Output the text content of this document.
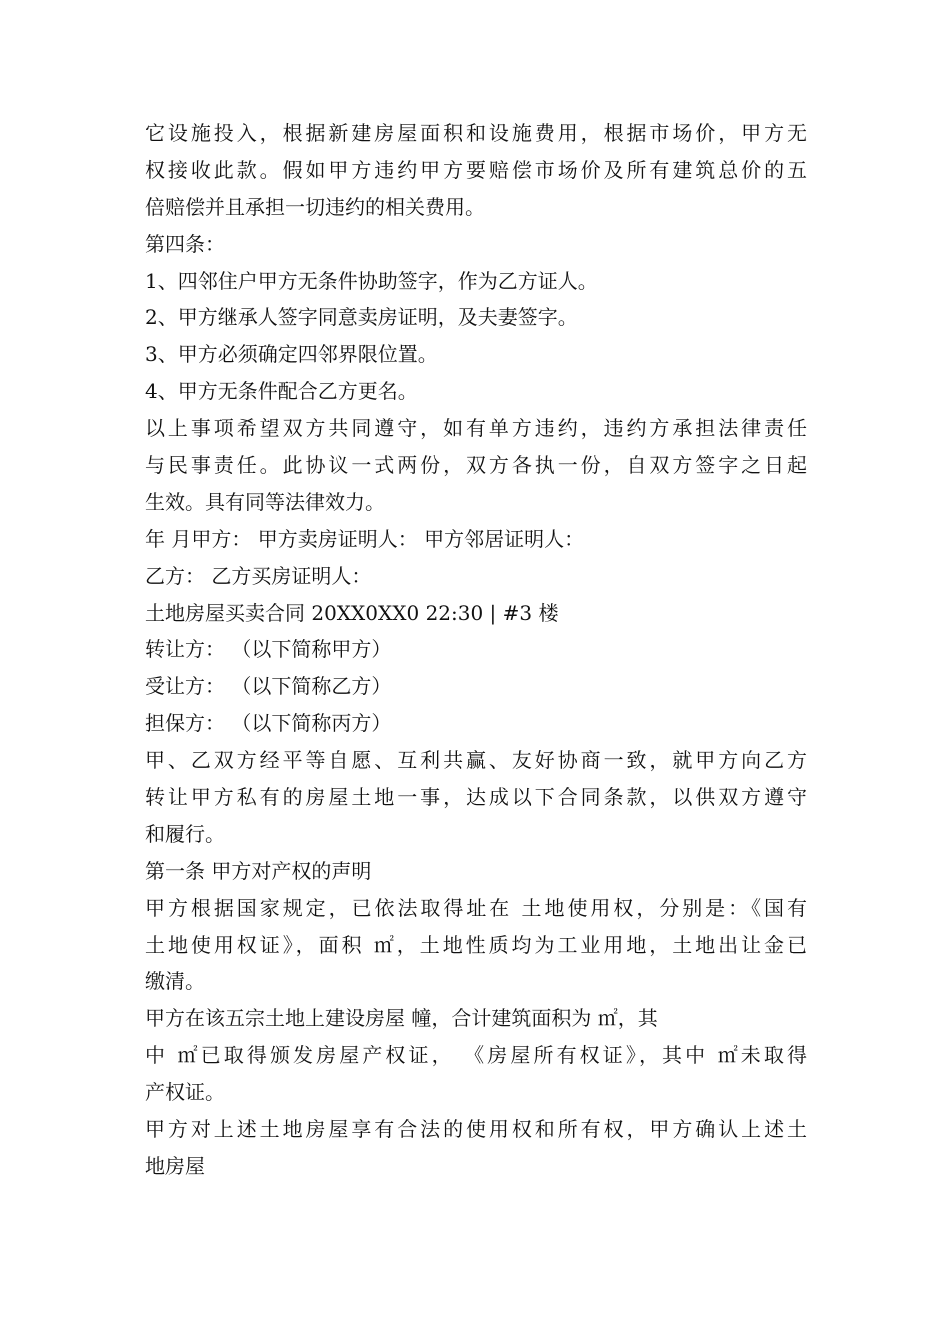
它设施投入，根据新建房屋面积和设施费用，根据市场价，甲方无
权接收此款。假如甲方违约甲方要赔偿市场价及所有建筑总价的五
倍赔偿并且承担一切违约的相关费用。
第四条：
1、四邻住户甲方无条件协助签字，作为乙方证人。
2、甲方继承人签字同意卖房证明，及夫妻签字。
3、甲方必须确定四邻界限位置。
4、甲方无条件配合乙方更名。
以上事项希望双方共同遵守，如有单方违约，违约方承担法律责任
与民事责任。此协议一式两份，双方各执一份，自双方签字之日起
生效。具有同等法律效力。
年 月甲方： 甲方卖房证明人： 甲方邻居证明人：
乙方： 乙方买房证明人：
土地房屋买卖合同 20XX0XX0 22:30 | #3 楼
转让方： （以下简称甲方）
受让方： （以下简称乙方）
担保方： （以下简称丙方）
甲、乙双方经平等自愿、互利共赢、友好协商一致，就甲方向乙方
转让甲方私有的房屋土地一事，达成以下合同条款，以供双方遵守
和履行。
第一条 甲方对产权的声明
甲方根据国家规定，已依法取得址在 土地使用权，分别是：《国有
土地使用权证》，面积 ㎡，土地性质均为工业用地，土地出让金已
缴清。
甲方在该五宗土地上建设房屋 幢，合计建筑面积为 ㎡，其
中 ㎡已取得颁发房屋产权证， 《房屋所有权证》，其中 ㎡未取得
产权证。
甲方对上述土地房屋享有合法的使用权和所有权，甲方确认上述土
地房屋
